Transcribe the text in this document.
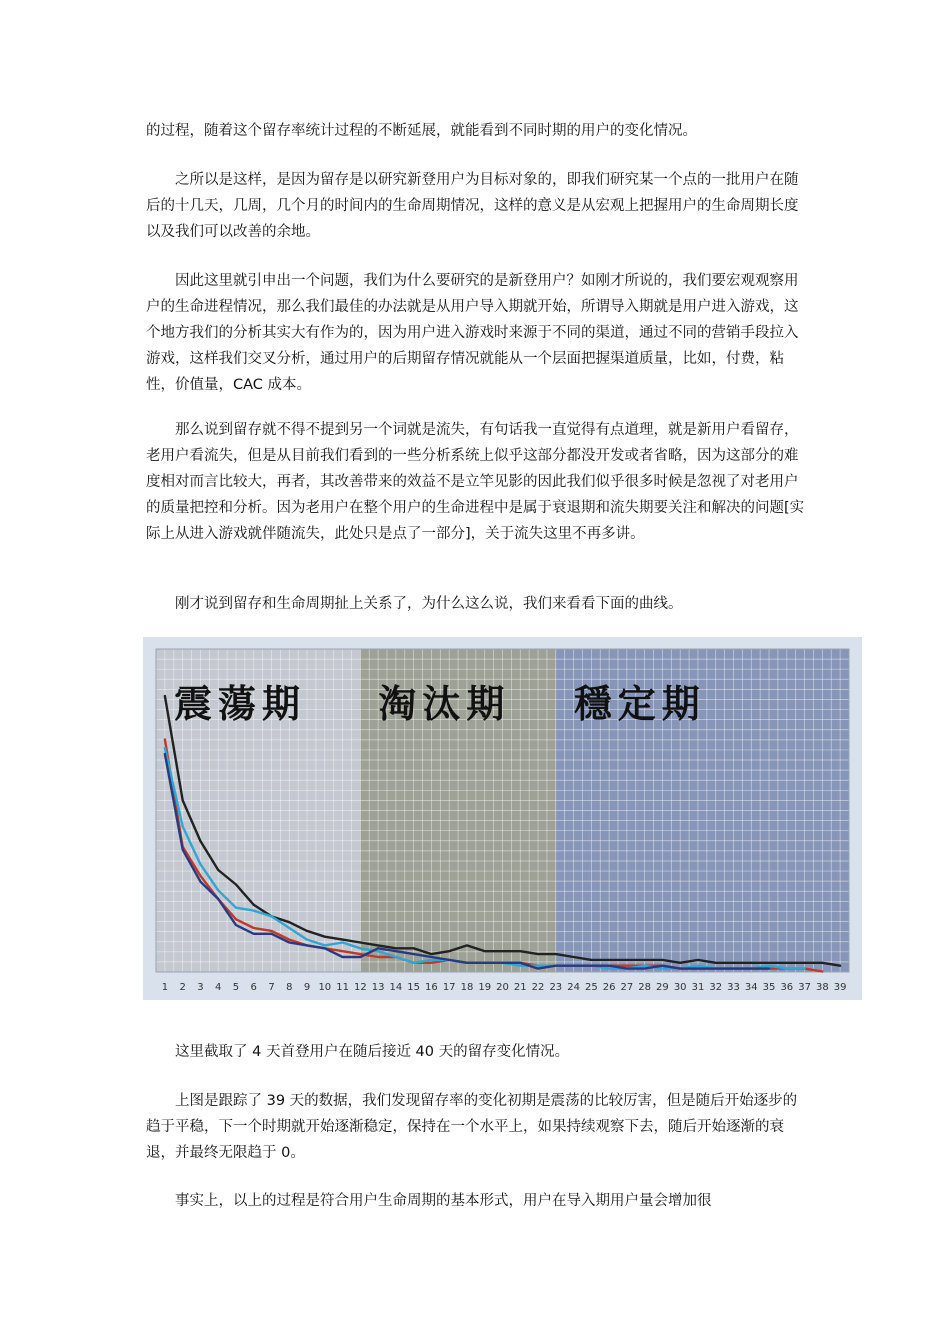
的过程，随着这个留存率统计过程的不断延展，就能看到不同时期的用户的变化情况。

之所以是这样，是因为留存是以研究新登用户为目标对象的，即我们研究某一个点的一批用户在随后的十几天，几周，几个月的时间内的生命周期情况，这样的意义是从宏观上把握用户的生命周期长度以及我们可以改善的余地。

因此这里就引申出一个问题，我们为什么要研究的是新登用户？如刚才所说的，我们要宏观观察用户的生命进程情况，那么我们最佳的办法就是从用户导入期就开始，所谓导入期就是用户进入游戏，这个地方我们的分析其实大有作为的，因为用户进入游戏时来源于不同的渠道，通过不同的营销手段拉入游戏，这样我们交叉分析，通过用户的后期留存情况就能从一个层面把握渠道质量，比如，付费，粘性，价值量，CAC 成本。

那么说到留存就不得不提到另一个词就是流失，有句话我一直觉得有点道理，就是新用户看留存，老用户看流失，但是从目前我们看到的一些分析系统上似乎这部分都没开发或者省略，因为这部分的难度相对而言比较大，再者，其改善带来的效益不是立竿见影的因此我们似乎很多时候是忽视了对老用户的质量把控和分析。因为老用户在整个用户的生命进程中是属于衰退期和流失期要关注和解决的问题[实际上从进入游戏就伴随流失，此处只是点了一部分]，关于流失这里不再多讲。

刚才说到留存和生命周期扯上关系了，为什么这么说，我们来看看下面的曲线。

这里截取了 4 天首登用户在随后接近 40 天的留存变化情况。

上图是跟踪了 39 天的数据，我们发现留存率的变化初期是震荡的比较厉害，但是随后开始逐步的趋于平稳，下一个时期就开始逐渐稳定，保持在一个水平上，如果持续观察下去，随后开始逐渐的衰退，并最终无限趋于 0。

事实上，以上的过程是符合用户生命周期的基本形式，用户在导入期用户量会增加很

震蕩期 淘汰期 穩定期
1 2 3 4 5 6 7 8 9 10 11 12 13 14 15 16 17 18 19 20 21 22 23 24 25 26 27 28 29 30 31 32 33 34 35 36 37 38 39
